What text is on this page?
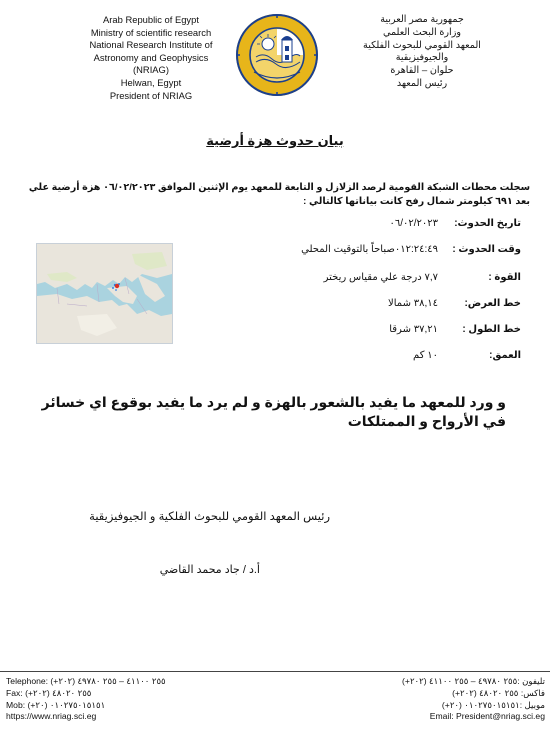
Arab Republic of Egypt
Ministry of scientific research
National Research Institute of
Astronomy and Geophysics
(NRIAG)
Helwan, Egypt
President of NRIAG
جمهورية مصر العربية
وزارة البحث العلمي
المعهد القومي للبحوث الفلكية
والجيوفيزيقية
حلوان – القاهرة
رئيس المعهد
بيان حدوث هزة أرضية
سجلت محطات الشبكة القومية لرصد الزلازل و التابعة للمعهد يوم الإثنين الموافق ٠٦/٠٢/٢٠٢٣ هزة أرضية علي بعد ٦٩١ كيلومتر شمال رفح كانت بياناتها كالتالي :
تاريخ الحدوث:
٠٦/٠٢/٢٠٢٣
وقت الحدوث :
٠١٢:٢٤:٤٩صباحاً بالتوقيت المحلي
القوة :
٧,٧ درجة علي مقياس ريختر
خط العرض:
٣٨,١٤ شمالا
خط الطول :
٣٧,٢١ شرقا
العمق:
١٠ كم
و ورد للمعهد ما يفيد بالشعور بالهزة و لم يرد ما يفيد بوقوع اي خسائر في الأرواح و الممتلكات
رئيس المعهد القومي للبحوث الفلكية و الجيوفيزيقية
أ.د / جاد محمد القاضي
Telephone: (+٢٠٢) ٢٥٥ ٤١١٠٠ – ٢٥٥ ٤٩٧٨٠
Fax: (+٢٠٢) ٢٥٥ ٤٨٠٢٠
Mob: (+٢٠) ٠١٠٢٧٥٠١٥١٥١
https://www.nriag.sci.eg
تليفون :٢٥٥ ٤٩٧٨٠ – ٢٥٥ ٤١١٠٠ (٢٠٢+)
فاكس: ٢٥٥ ٤٨٠٢٠ (٢٠٢+)
موبيل :٠١٠٢٧٥٠١٥١٥١ (٢٠+)
Email: President@nriag.sci.eg
